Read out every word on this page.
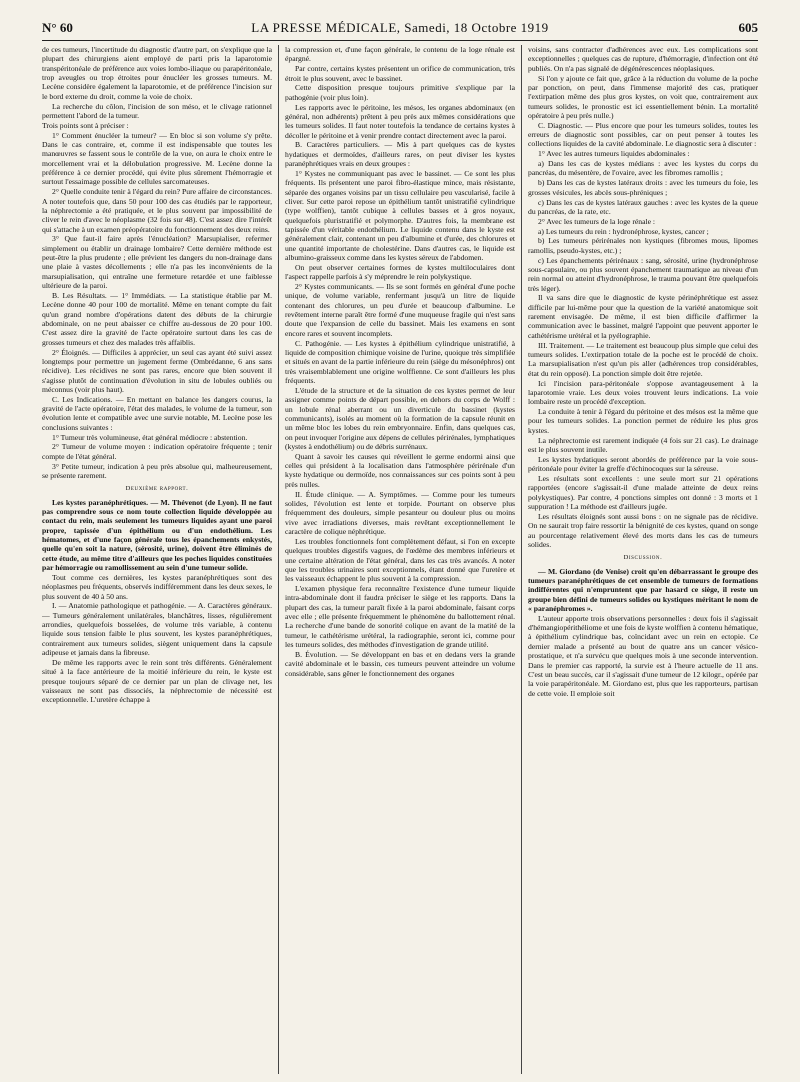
N° 60	LA PRESSE MÉDICALE, Samedi, 18 Octobre 1919	605

de ces tumeurs, l'incertitude du diagnostic d'autre part, on s'explique que la plupart des chirurgiens aient employé de parti pris la laparotomie transpéritonéale de préférence aux voies lombo-iliaque ou parapéritonéale, trop aveugles ou trop étroites pour énucléer les grosses tumeurs. M. Lecène considère également la laparotomie, et de préférence l'incision sur le bord externe du droit, comme la voie de choix.

La recherche du côlon, l'incision de son méso, et le clivage rationnel permettent l'abord de la tumeur.

Trois points sont à préciser :

1° Comment énucléer la tumeur? — En bloc si son volume s'y prête. Dans le cas contraire, et, comme il est indispensable que toutes les manœuvres se fassent sous le contrôle de la vue, on aura le choix entre le morcellement vrai et la délobulation progressive. M. Lecène donne la préférence à ce dernier procédé, qui évite plus sûrement l'hémorragie et surtout l'essaimage possible de cellules sarcomateuses.

2° Quelle conduite tenir à l'égard du rein? Pure affaire de circonstances. A noter toutefois que, dans 50 pour 100 des cas étudiés par le rapporteur, la néphrectomie a été pratiquée, et le plus souvent par impossibilité de cliver le rein d'avec le néoplasme (32 fois sur 48). C'est assez dire l'intérêt qui s'attache à un examen préopératoire du fonctionnement des deux reins.

3° Que faut-il faire après l'énucléation? Marsupialiser, refermer simplement ou établir un drainage lombaire? Cette dernière méthode est peut-être la plus prudente ; elle prévient les dangers du non-drainage dans une plaie à vastes décollements ; elle n'a pas les inconvénients de la marsupialisation, qui entraîne une fermeture retardée et une faiblesse ultérieure de la paroi.

B. Les Résultats. — 1° Immédiats. — La statistique établie par M. Lecène donne 40 pour 100 de mortalité. Même en tenant compte du fait qu'un grand nombre d'opérations datent des débuts de la chirurgie abdominale, on ne peut abaisser ce chiffre au-dessous de 20 pour 100. C'est assez dire la gravité de l'acte opératoire surtout dans les cas de grosses tumeurs et chez des malades très affaiblis.

2° Éloignés. — Difficiles à apprécier, un seul cas ayant été suivi assez longtemps pour permettre un jugement ferme (Ombrédanne, 6 ans sans récidive). Les récidives ne sont pas rares, encore que bien souvent il s'agisse plutôt de continuation d'évolution in situ de lobules oubliés ou méconnus (voir plus haut).

C. Les Indications. — En mettant en balance les dangers courus, la gravité de l'acte opératoire, l'état des malades, le volume de la tumeur, son évolution lente et compatible avec une survie notable, M. Lecène pose les conclusions suivantes :

1° Tumeur très volumineuse, état général médiocre : abstention.

2° Tumeur de volume moyen : indication opératoire fréquente ; tenir compte de l'état général.

3° Petite tumeur, indication à peu près absolue qui, malheureusement, se présente rarement.

Deuxième rapport.

Les kystes paranéphrétiques. — M. Thévenot (de Lyon). Il ne faut pas comprendre sous ce nom toute collection liquide développée au contact du rein, mais seulement les tumeurs liquides ayant une paroi propre, tapissée d'un épithélium ou d'un endothélium. Les hématomes, et d'une façon générale tous les épanchements enkystés, quelle qu'en soit la nature, (sérosité, urine), doivent être éliminés de cette étude, au même titre d'ailleurs que les poches liquides constituées par hémorragie ou ramollissement au sein d'une tumeur solide.

Tout comme ces dernières, les kystes paranéphrétiques sont des néoplasmes peu fréquents, observés indifféremment dans les deux sexes, le plus souvent de 40 à 50 ans.

I. — Anatomie pathologique et pathogénie. — A. Caractères généraux. — Tumeurs généralement unilatérales, blanchâtres, lisses, régulièrement arrondies, quelquefois bosselées, de volume très variable, à contenu liquide sous tension faible le plus souvent, les kystes paranéphrétiques, contrairement aux tumeurs solides, siègent uniquement dans la capsule adipeuse et jamais dans la fibreuse.

De même les rapports avec le rein sont très différents. Généralement situé à la face antérieure de la moitié inférieure du rein, le kyste est presque toujours séparé de ce dernier par un plan de clivage net, les vaisseaux ne sont pas dissociés, la néphrectomie de nécessité est exceptionnelle. L'uretère échappe à

la compression et, d'une façon générale, le contenu de la loge rénale est épargné.

Par contre, certains kystes présentent un orifice de communication, très étroit le plus souvent, avec le bassinet.

Cette disposition presque toujours primitive s'explique par la pathogénie (voir plus loin).

Les rapports avec le péritoine, les mésos, les organes abdominaux (en général, non adhérents) prêtent à peu près aux mêmes considérations que les tumeurs solides. Il faut noter toutefois la tendance de certains kystes à décoller le péritoine et à venir prendre contact directement avec la paroi.

B. Caractères particuliers. — Mis à part quelques cas de kystes hydatiques et dermoïdes, d'ailleurs rares, on peut diviser les kystes paranéphrétiques vrais en deux groupes :

1° Kystes ne communiquant pas avec le bassinet. — Ce sont les plus fréquents. Ils présentent une paroi fibro-élastique mince, mais résistante, séparée des organes voisins par un tissu cellulaire peu vascularisé, facile à cliver. Sur cette paroi repose un épithélium tantôt unistratifié cylindrique (type wolffien), tantôt cubique à cellules basses et à gros noyaux, quelquefois pluristratifié et polymorphe. D'autres fois, la membrane est tapissée d'un véritable endothélium. Le liquide contenu dans le kyste est généralement clair, contenant un peu d'albumine et d'urée, des chlorures et une quantité importante de cholestérine. Dans d'autres cas, le liquide est albumino-graisseux comme dans les kystes séreux de l'abdomen.

On peut observer certaines formes de kystes multiloculaires dont l'aspect rappelle parfois à s'y méprendre le rein polykystique.

2° Kystes communicants. — Ils se sont formés en général d'une poche unique, de volume variable, renfermant jusqu'à un litre de liquide contenant des chlorures, un peu d'urée et beaucoup d'albumine. Le revêtement interne paraît être formé d'une muqueuse fragile qui n'est sans doute que l'expansion de celle du bassinet. Mais les examens en sont encore rares et souvent incomplets.

C. Pathogénie. — Les kystes à épithélium cylindrique unistratifié, à liquide de composition chimique voisine de l'urine, quoique très simplifiée et situés en avant de la partie inférieure du rein (siège du mésonéphros) ont très vraisemblablement une origine wolffienne. Ce sont d'ailleurs les plus fréquents.

L'étude de la structure et de la situation de ces kystes permet de leur assigner comme points de départ possible, en dehors du corps de Wolff : un lobule rénal aberrant ou un diverticule du bassinet (kystes communicants), isolés au moment où la formation de la capsule réunit en un même bloc les lobes du rein embryonnaire. Enfin, dans quelques cas, on peut invoquer l'origine aux dépens de cellules périrénales, lymphatiques (kystes à endothélium) ou de débris surrénaux.

Quant à savoir les causes qui réveillent le germe endormi ainsi que celles qui président à la localisation dans l'atmosphère périrénale d'un kyste hydatique ou dermoïde, nos connaissances sur ces points sont à peu près nulles.

II. Étude clinique. — A. Symptômes. — Comme pour les tumeurs solides, l'évolution est lente et torpide. Pourtant on observe plus fréquemment des douleurs, simple pesanteur ou douleur plus ou moins vive avec irradiations diverses, mais revêtant exceptionnellement le caractère de colique néphrétique.

Les troubles fonctionnels font complètement défaut, si l'on en excepte quelques troubles digestifs vagues, de l'œdème des membres inférieurs et une certaine altération de l'état général, dans les cas très avancés. A noter que les troubles urinaires sont exceptionnels, étant donné que l'uretère et les vaisseaux échappent le plus souvent à la compression.

L'examen physique fera reconnaître l'existence d'une tumeur liquide intra-abdominale dont il faudra préciser le siège et les rapports. Dans la plupart des cas, la tumeur paraît fixée à la paroi abdominale, faisant corps avec elle ; elle présente fréquemment le phénomène du ballottement rénal. La recherche d'une bande de sonorité colique en avant de la matité de la tumeur, le cathétérisme urétéral, la radiographie, seront ici, comme pour les tumeurs solides, des méthodes d'investigation de grande utilité.

B. Évolution. — Se développant en bas et en dedans vers la grande cavité abdominale et le bassin, ces tumeurs peuvent atteindre un volume considérable, sans gêner le fonctionnement des organes

voisins, sans contracter d'adhérences avec eux. Les complications sont exceptionnelles ; quelques cas de rupture, d'hémorragie, d'infection ont été publiés. On n'a pas signalé de dégénérescences néoplasiques.

Si l'on y ajoute ce fait que, grâce à la réduction du volume de la poche par ponction, on peut, dans l'immense majorité des cas, pratiquer l'extirpation même des plus gros kystes, on voit que, contrairement aux tumeurs solides, le pronostic est ici essentiellement bénin. La mortalité opératoire à peu près nulle.)

C. Diagnostic. — Plus encore que pour les tumeurs solides, toutes les erreurs de diagnostic sont possibles, car on peut penser à toutes les collections liquides de la cavité abdominale. Le diagnostic sera à discuter :

1° Avec les autres tumeurs liquides abdominales :

a) Dans les cas de kystes médians : avec les kystes du corps du pancréas, du mésentère, de l'ovaire, avec les fibromes ramollis ;

b) Dans les cas de kystes latéraux droits : avec les tumeurs du foie, les grosses vésicules, les abcès sous-phréniques ;

c) Dans les cas de kystes latéraux gauches : avec les kystes de la queue du pancréas, de la rate, etc.

2° Avec les tumeurs de la loge rénale :

a) Les tumeurs du rein : hydronéphrose, kystes, cancer ;

b) Les tumeurs périrénales non kystiques (fibromes mous, lipomes ramollis, pseudo-kystes, etc.) ;

c) Les épanchements périrénaux : sang, sérosité, urine (hydronéphrose sous-capsulaire, ou plus souvent épanchement traumatique au niveau d'un rein normal ou atteint d'hydronéphrose, le trauma pouvant être quelquefois très léger).

Il va sans dire que le diagnostic de kyste périnéphrétique est assez difficile par lui-même pour que la question de la variété anatomique soit rarement envisagée. De même, il est bien difficile d'affirmer la communication avec le bassinet, malgré l'appoint que peuvent apporter le cathétérisme urétéral et la pyélographie.

III. Traitement. — Le traitement est beaucoup plus simple que celui des tumeurs solides. L'extirpation totale de la poche est le procédé de choix. La marsupialisation n'est qu'un pis aller (adhérences trop considérables, état du rein opposé). La ponction simple doit être rejetée.

Ici l'incision para-péritonéale s'oppose avantageusement à la laparotomie vraie. Les deux voies trouvent leurs indications. La voie lombaire reste un procédé d'exception.

La conduite à tenir à l'égard du péritoine et des mésos est la même que pour les tumeurs solides. La ponction permet de réduire les plus gros kystes.

La néphrectomie est rarement indiquée (4 fois sur 21 cas). Le drainage est le plus souvent inutile.

Les kystes hydatiques seront abordés de préférence par la voie sous-péritonéale pour éviter la greffe d'échinocoques sur la séreuse.

Les résultats sont excellents : une seule mort sur 21 opérations rapportées (encore s'agissait-il d'une malade atteinte de deux reins polykystiques). Par contre, 4 ponctions simples ont donné : 3 morts et 1 suppuration ! La méthode est d'ailleurs jugée.

Les résultats éloignés sont aussi bons : on ne signale pas de récidive. On ne saurait trop faire ressortir la bénignité de ces kystes, quand on songe au pourcentage relativement élevé des morts dans les cas de tumeurs solides.

Discussion.

— M. Giordano (de Venise) croit qu'en débarrassant le groupe des tumeurs paranéphrétiques de cet ensemble de tumeurs de formations indifférentes qui n'empruntent que par hasard ce siège, il reste un groupe bien défini de tumeurs solides ou kystiques méritant le nom de « paranéphromes ».

L'auteur apporte trois observations personnelles : deux fois il s'agissait d'hémangiopérithéliome et une fois de kyste wolffien à contenu hématique, à épithélium cylindrique bas, coïncidant avec un rein en ectopie. Ce dernier malade a présenté au bout de quatre ans un cancer vésico-prostatique, et n'a survécu que quelques mois à une seconde intervention. Dans le premier cas rapporté, la survie est à l'heure actuelle de 11 ans. C'est un beau succès, car il s'agissait d'une tumeur de 12 kilogr., opérée par la voie parapéritonéale. M. Giordano est, plus que les rapporteurs, partisan de cette voie. Il emploie soit
